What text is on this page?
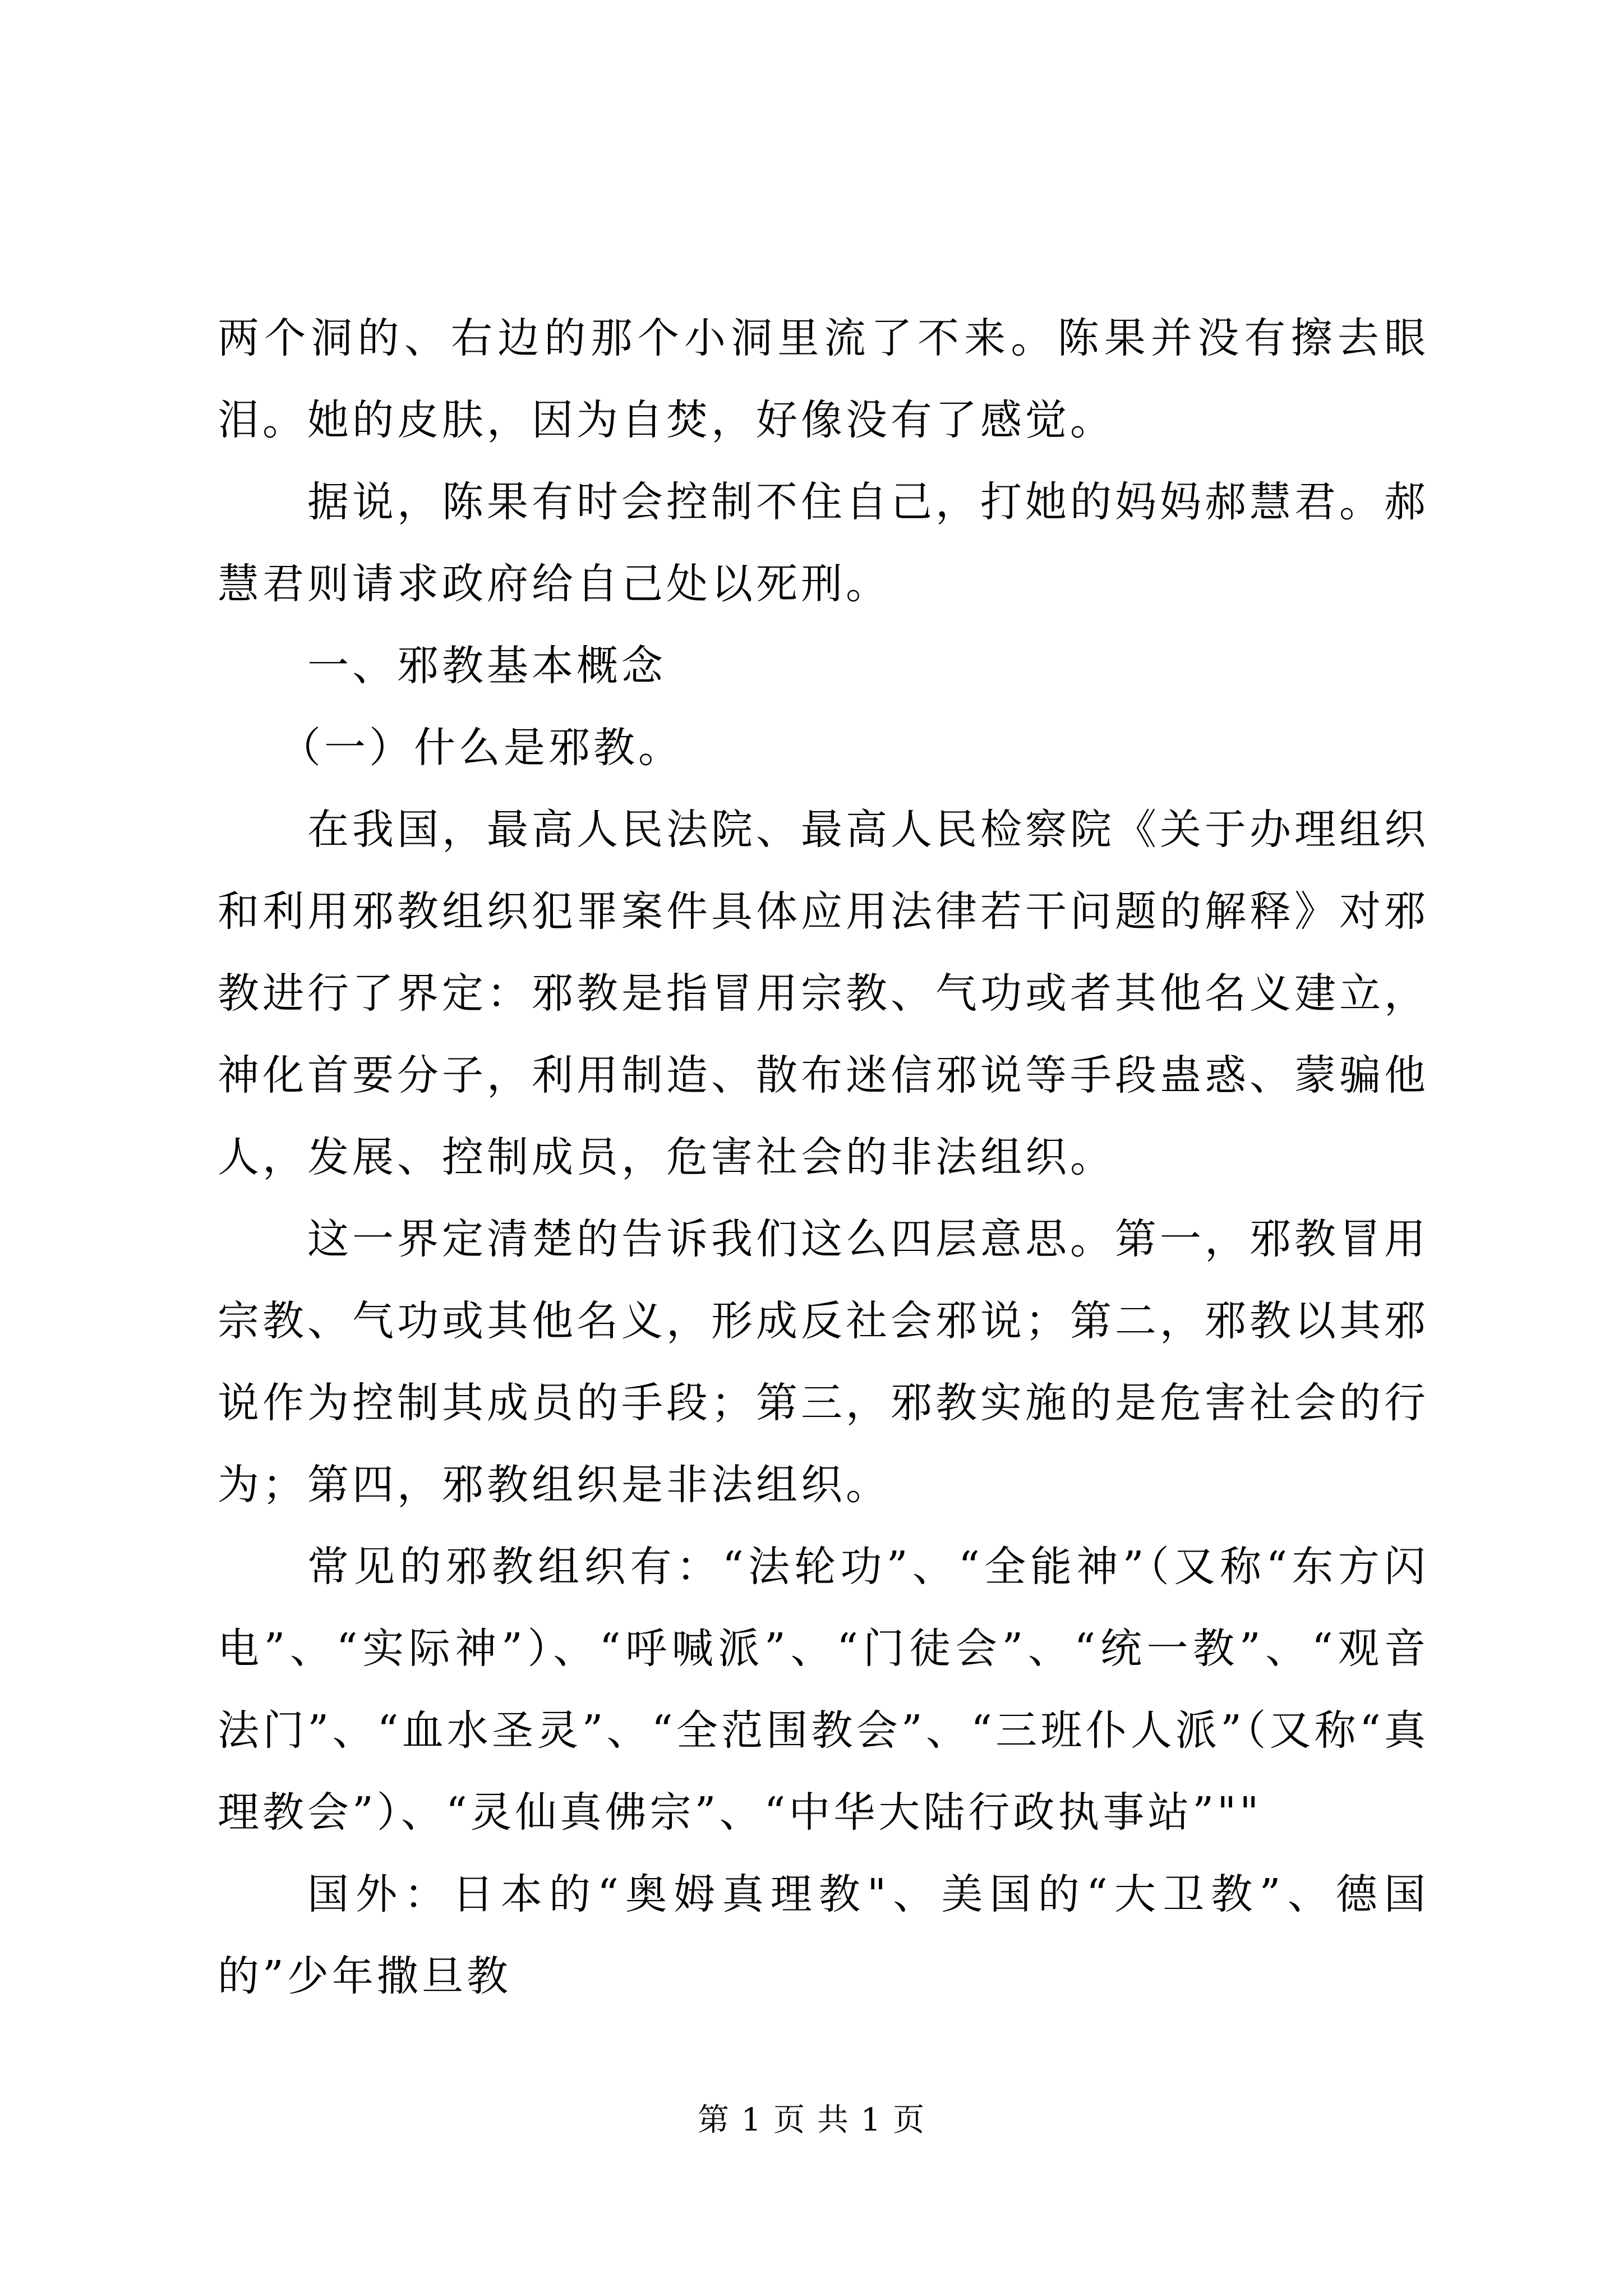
两个洞的、右边的那个小洞里流了不来。陈果并没有擦去眼泪。她的皮肤，因为自焚，好像没有了感觉。

据说，陈果有时会控制不住自己，打她的妈妈郝慧君。郝慧君则请求政府给自己处以死刑。

一、邪教基本概念

（一）什么是邪教。

在我国，最高人民法院、最高人民检察院《关于办理组织和利用邪教组织犯罪案件具体应用法律若干问题的解释》对邪教进行了界定：邪教是指冒用宗教、气功或者其他名义建立，神化首要分子，利用制造、散布迷信邪说等手段蛊惑、蒙骗他人，发展、控制成员，危害社会的非法组织。

这一界定清楚的告诉我们这么四层意思。第一，邪教冒用宗教、气功或其他名义，形成反社会邪说；第二，邪教以其邪说作为控制其成员的手段；第三，邪教实施的是危害社会的行为；第四，邪教组织是非法组织。

常见的邪教组织有：“法轮功”、“全能神”（又称“东方闪电”、“实际神”）、“呼喊派”、“门徒会”、“统一教”、“观音法门”、“血水圣灵”、“全范围教会”、“三班仆人派”（又称“真理教会”）、“灵仙真佛宗”、“中华大陆行政执事站”""

国外：日本的“奥姆真理教"、美国的“大卫教”、德国的”少年撒旦教

第 1 页 共 1 页
